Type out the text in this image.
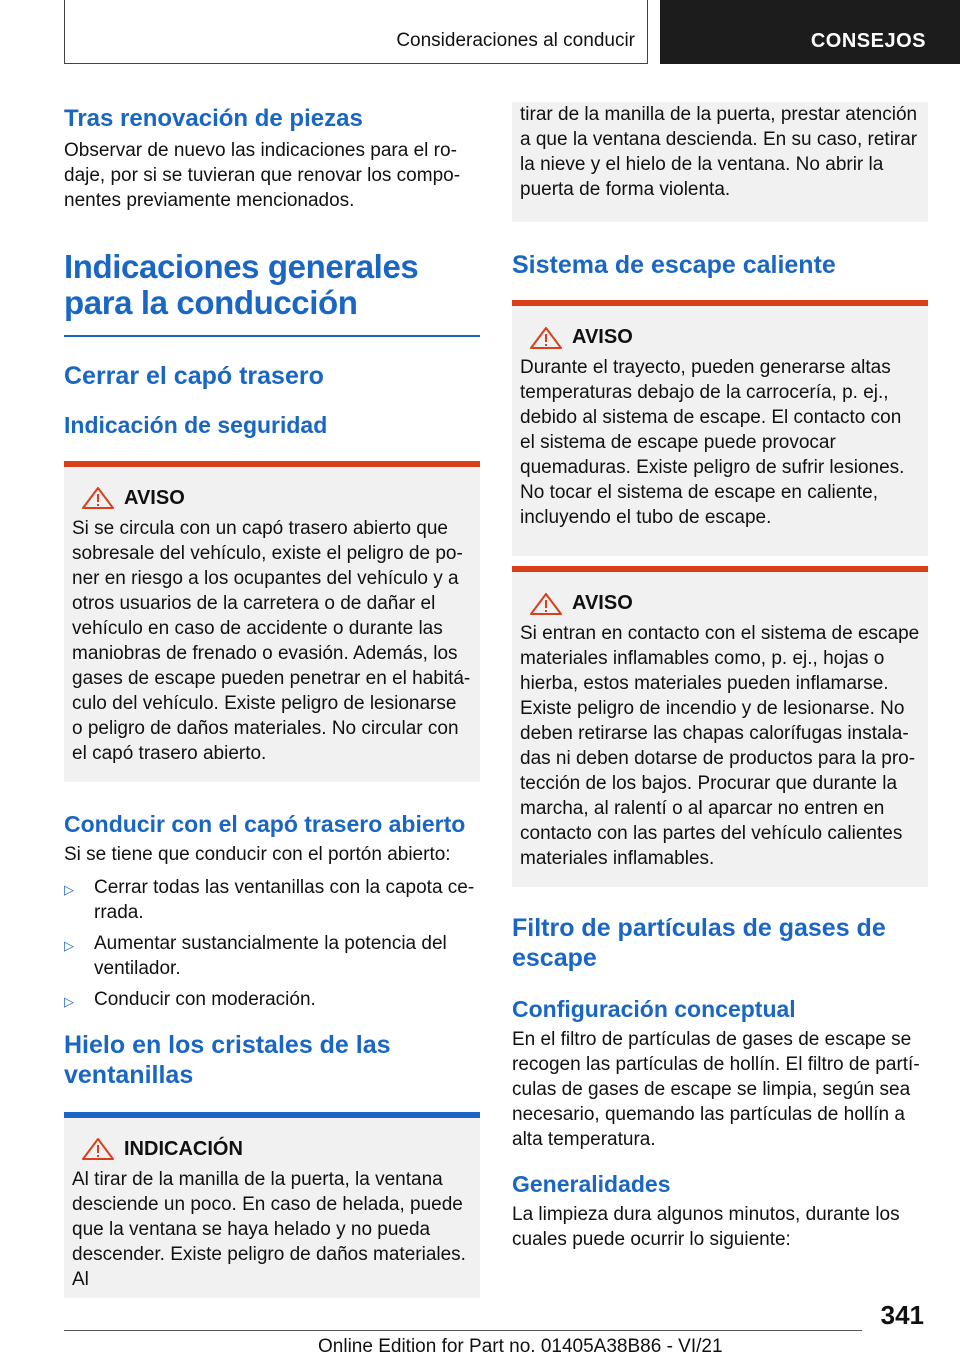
Consideraciones al conducir	CONSEJOS
Tras renovación de piezas

Observar de nuevo las indicaciones para el rodaje, por si se tuvieran que renovar los componentes previamente mencionados.

Indicaciones generales para la conducción
Cerrar el capó trasero
Indicación de seguridad
AVISO

Si se circula con un capó trasero abierto que sobresale del vehículo, existe el peligro de poner en riesgo a los ocupantes del vehículo y a otros usuarios de la carretera o de dañar el vehículo en caso de accidente o durante las maniobras de frenado o evasión. Además, los gases de escape pueden penetrar en el habitáculo del vehículo. Existe peligro de lesionarse o peligro de daños materiales. No circular con el capó trasero abierto.

Conducir con el capó trasero abierto

Si se tiene que conducir con el portón abierto:

▷	Cerrar todas las ventanillas con la capota cerrada.
▷	Aumentar sustancialmente la potencia del ventilador.
▷	Conducir con moderación.
Hielo en los cristales de las ventanillas
INDICACIÓN

Al tirar de la manilla de la puerta, la ventana desciende un poco. En caso de helada, puede que la ventana se haya helado y no pueda descender. Existe peligro de daños materiales. Al

tirar de la manilla de la puerta, prestar atención a que la ventana descienda. En su caso, retirar la nieve y el hielo de la ventana. No abrir la puerta de forma violenta.

Sistema de escape caliente
AVISO

Durante el trayecto, pueden generarse altas temperaturas debajo de la carrocería, p. ej., debido al sistema de escape. El contacto con el sistema de escape puede provocar quemaduras. Existe peligro de sufrir lesiones. No tocar el sistema de escape en caliente, incluyendo el tubo de escape.

AVISO

Si entran en contacto con el sistema de escape materiales inflamables como, p. ej., hojas o hierba, estos materiales pueden inflamarse. Existe peligro de incendio y de lesionarse. No deben retirarse las chapas calorífugas instaladas ni deben dotarse de productos para la protección de los bajos. Procurar que durante la marcha, al ralentí o al aparcar no entren en contacto con las partes del vehículo calientes materiales inflamables.

Filtro de partículas de gases de escape
Configuración conceptual

En el filtro de partículas de gases de escape se recogen las partículas de hollín. El filtro de partículas de gases de escape se limpia, según sea necesario, quemando las partículas de hollín a alta temperatura.

Generalidades

La limpieza dura algunos minutos, durante los cuales puede ocurrir lo siguiente:

341
Online Edition for Part no. 01405A38B86 - VI/21
